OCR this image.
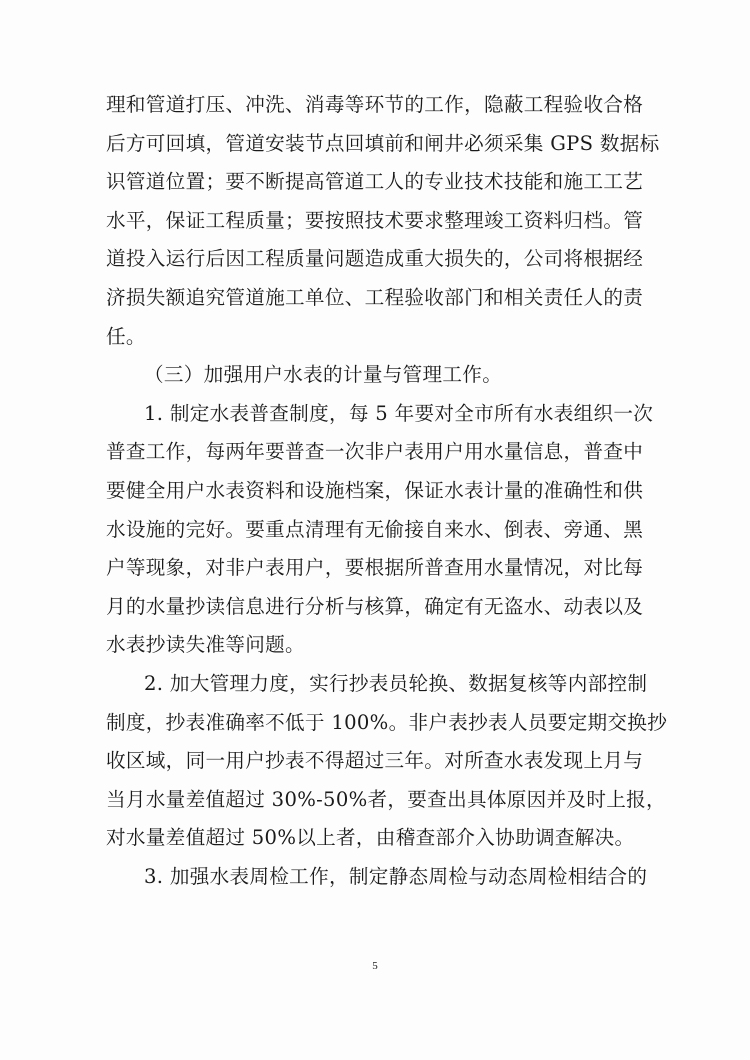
理和管道打压、冲洗、消毒等环节的工作，隐蔽工程验收合格
后方可回填，管道安装节点回填前和闸井必须采集 GPS 数据标
识管道位置；要不断提高管道工人的专业技术技能和施工工艺
水平，保证工程质量；要按照技术要求整理竣工资料归档。管
道投入运行后因工程质量问题造成重大损失的，公司将根据经
济损失额追究管道施工单位、工程验收部门和相关责任人的责
任。
（三）加强用户水表的计量与管理工作。
1. 制定水表普查制度，每 5 年要对全市所有水表组织一次
普查工作，每两年要普查一次非户表用户用水量信息，普查中
要健全用户水表资料和设施档案，保证水表计量的准确性和供
水设施的完好。要重点清理有无偷接自来水、倒表、旁通、黑
户等现象，对非户表用户，要根据所普查用水量情况，对比每
月的水量抄读信息进行分析与核算，确定有无盗水、动表以及
水表抄读失准等问题。
2. 加大管理力度，实行抄表员轮换、数据复核等内部控制
制度，抄表准确率不低于 100%。非户表抄表人员要定期交换抄
收区域，同一用户抄表不得超过三年。对所查水表发现上月与
当月水量差值超过 30%-50%者，要查出具体原因并及时上报，
对水量差值超过 50%以上者，由稽查部介入协助调查解决。
3. 加强水表周检工作，制定静态周检与动态周检相结合的
5
